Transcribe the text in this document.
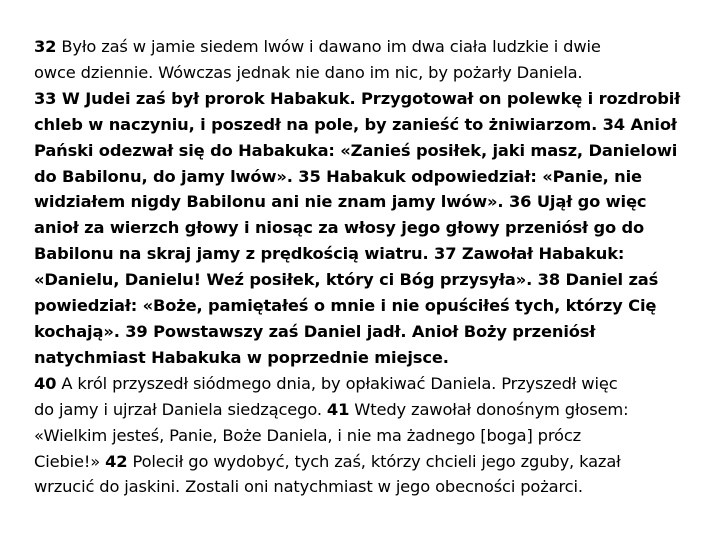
32 Było zaś w jamie siedem lwów i dawano im dwa ciała ludzkie i dwie
owce dziennie. Wówczas jednak nie dano im nic, by pożarły Daniela.
33 W Judei zaś był prorok Habakuk. Przygotował on polewkę i rozdrobił
chleb w naczyniu, i poszedł na pole, by zanieść to żniwiarzom. 34 Anioł
Pański odezwał się do Habakuka: «Zanieś posiłek, jaki masz, Danielowi
do Babilonu, do jamy lwów». 35 Habakuk odpowiedział: «Panie, nie
widziałem nigdy Babilonu ani nie znam jamy lwów». 36 Ujął go więc
anioł za wierzch głowy i niosąc za włosy jego głowy przeniósł go do
Babilonu na skraj jamy z prędkością wiatru. 37 Zawołał Habakuk:
«Danielu, Danielu! Weź posiłek, który ci Bóg przysyła». 38 Daniel zaś
powiedział: «Boże, pamiętałeś o mnie i nie opuściłeś tych, którzy Cię
kochają». 39 Powstawszy zaś Daniel jadł. Anioł Boży przeniósł
natychmiast Habakuka w poprzednie miejsce.
40 A król przyszedł siódmego dnia, by opłakiwać Daniela. Przyszedł więc
do jamy i ujrzał Daniela siedzącego. 41 Wtedy zawołał donośnym głosem:
«Wielkim jesteś, Panie, Boże Daniela, i nie ma żadnego [boga] prócz
Ciebie!» 42 Polecił go wydobyć, tych zaś, którzy chcieli jego zguby, kazał
wrzucić do jaskini. Zostali oni natychmiast w jego obecności pożarci.
